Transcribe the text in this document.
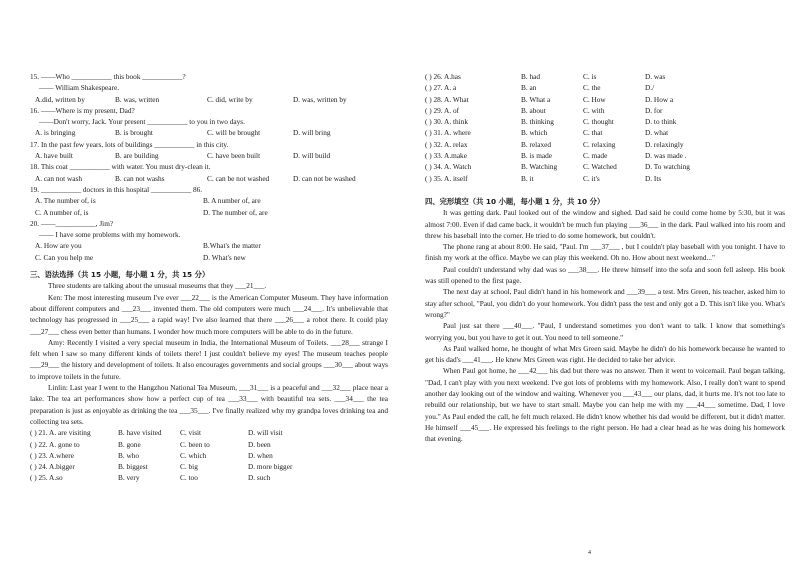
15. ——Who ___________ this book ___________?
—— William Shakespeare.
A.did, written by	B. was, written	C. did, write by	D. was, written by
16. ——Where is my present, Dad?
——Don't worry, Jack. Your present ___________ to you in two days.
A. is bringing	B. is brought	C. will be brought	D. will bring
17. In the past few years, lots of buildings ___________ in this city.
A. have built	B. are building	C. have been built	D. will build
18. This coat ___________ with water. You must dry-clean it.
A. can not wash	B. can not washs	C. can be not washed	D. can not be washed
19. ___________ doctors in this hospital ___________ 86.
A. The number of, is	B. A number of, are
C. A number of, is	D. The number of, are
20. ——___________, Jim?
—— I have some problems with my homework.
A. How are you	B.What's the matter
C. Can you help me	D. What's new
三、语法选择（共 15 小题，每小题 1 分，共 15 分）

Three students are talking about the unusual museums that they ___21___.

Ken: The most interesting museum I've ever ___22___ is the American Computer Museum. They have information about different computers and ___23___ invented them. The old computers were much ___24___. It's unbelievable that technology has progressed in ___25___ a rapid way! I've also learned that there ___26___ a robot there. It could play ___27___ chess even better than humans. I wonder how much more computers will be able to do in the future.

Amy: Recently I visited a very special museum in India, the International Museum of Toilets. ___28___ strange I felt when I saw so many different kinds of toilets there! I just couldn't believe my eyes! The museum teaches people ___29___ the history and development of toilets. It also encourages governments and social groups ___30___ about ways to improve toilets in the future.

Linlin: Last year I went to the Hangzhou National Tea Museum, ___31___ is a peaceful and ___32___ place near a lake. The tea art performances show how a perfect cup of tea ___33___ with beautiful tea sets. ___34___ the tea preparation is just as enjoyable as drinking the tea ___35___. I've finally realized why my grandpa loves drinking tea and collecting tea sets.

( ) 21. A. are visiting	B. have visited	C. visit	D. will visit
( ) 22. A. gone to	B. gone	C. been to	D. been
( ) 23. A.where	B. who	C. which	D. when
( ) 24. A.bigger	B. biggest	C. big	D. more bigger
( ) 25. A.so	B. very	C. too	D. such
( ) 26. A.has	B. had	C. is	D. was
( ) 27. A. a	B. an	C. the	D./
( ) 28. A. What	B. What a	C. How	D. How a
( ) 29. A. of	B. about	C. with	D. for
( ) 30. A. think	B. thinking	C. thought	D. to think
( ) 31. A. where	B. which	C. that	D. what
( ) 32. A. relax	B. relaxed	C. relaxing	D. relaxingly
( ) 33. A.make	B. is made	C. made	D. was made .
( ) 34. A. Watch	B. Watching	C. Watched	D. To watching
( ) 35. A. itself	B. it	C. it's	D. Its
四、完形填空（共 10 小题，每小题 1 分，共 10 分）

It was getting dark. Paul looked out of the window and sighed. Dad said he could come home by 5:30, but it was almost 7:00. Even if dad came back, it wouldn't be much fun playing ___36___ in the dark. Paul walked into his room and threw his baseball into the corner. He tried to do some homework, but couldn't.

The phone rang at about 8:00. He said, "Paul. I'm ___37___ , but I couldn't play baseball with you tonight. I have to finish my work at the office. Maybe we can play this weekend. Oh no. How about next weekend..."

Paul couldn't understand why dad was so ___38___. He threw himself into the sofa and soon fell asleep. His book was still opened to the first page.

The next day at school, Paul didn't hand in his homework and ___39___ a test. Mrs Green, his teacher, asked him to stay after school, "Paul, you didn't do your homework. You didn't pass the test and only got a D. This isn't like you. What's wrong?"

Paul just sat there ___40___. "Paul, I understand sometimes you don't want to talk. I know that something's worrying you, but you have to get it out. You need to tell someone."

As Paul walked home, he thought of what Mrs Green said. Maybe he didn't do his homework because he wanted to get his dad's ___41___. He knew Mrs Green was right. He decided to take her advice.

When Paul got home, he ___42___ his dad but there was no answer. Then it went to voicemail. Paul began talking, "Dad, I can't play with you next weekend. I've got lots of problems with my homework. Also, I really don't want to spend another day looking out of the window and waiting. Whenever you ___43___ our plans, dad, it hurts me. It's not too late to rebuild our relationship, but we have to start small. Maybe you can help me with my ___44___ sometime. Dad, I love you." As Paul ended the call, he felt much relaxed. He didn't know whether his dad would be different, but it didn't matter. He himself ___45___. He expressed his feelings to the right person. He had a clear head as he was doing his homework that evening.

4
